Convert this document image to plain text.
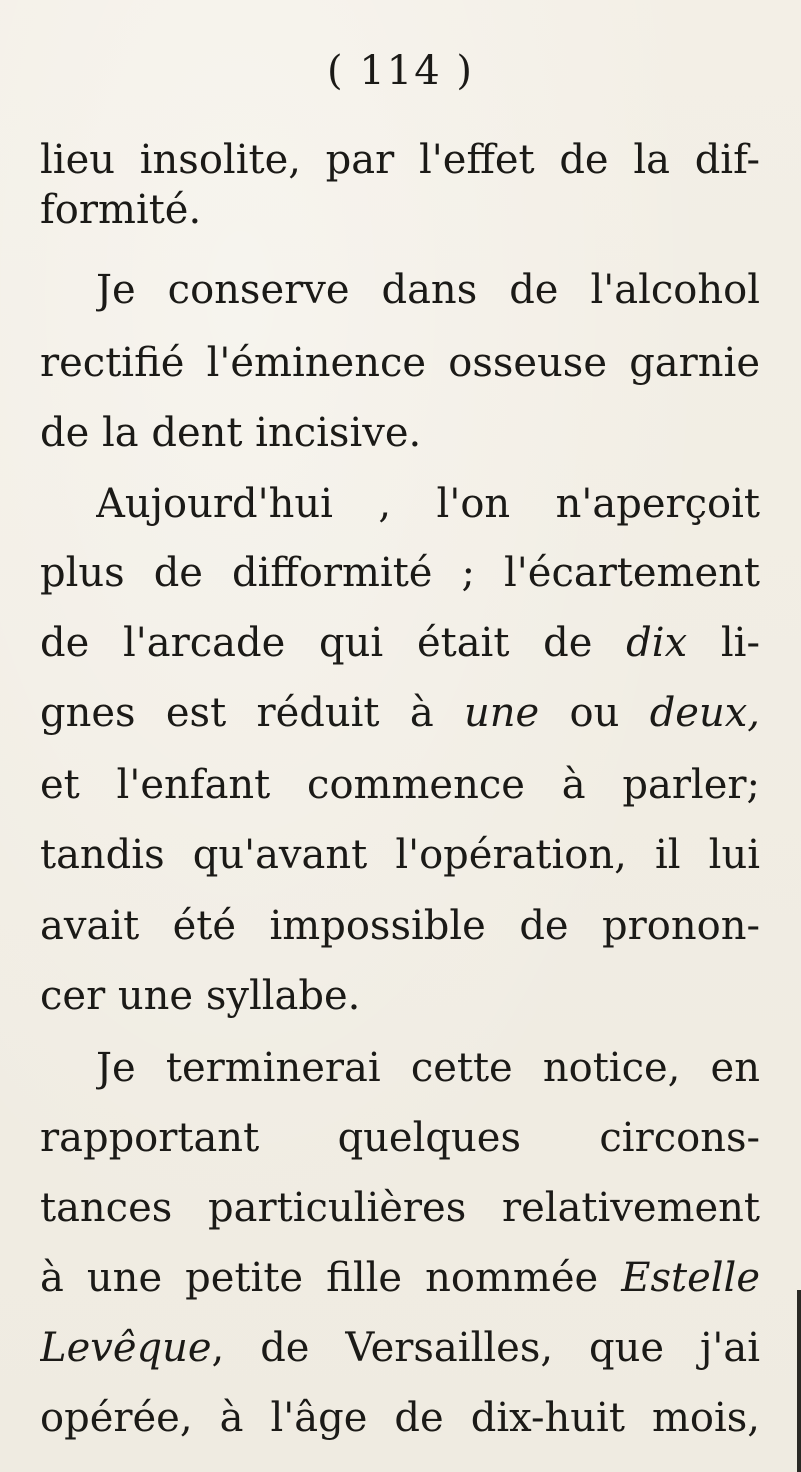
( 114 )
lieu insolite, par l'effet de la dif-
formité.
Je conserve dans de l'alcohol
rectifié l'éminence osseuse garnie
de la dent incisive.
Aujourd'hui , l'on n'aperçoit
plus de difformité ; l'écartement
de l'arcade qui était de dix li-
gnes est réduit à une ou deux,
et l'enfant commence à parler;
tandis qu'avant l'opération, il lui
avait été impossible de pronon-
cer une syllabe.
Je terminerai cette notice, en
rapportant quelques circons-
tances particulières relativement
à une petite fille nommée Estelle
Levêque, de Versailles, que j'ai
opérée, à l'âge de dix-huit mois,
